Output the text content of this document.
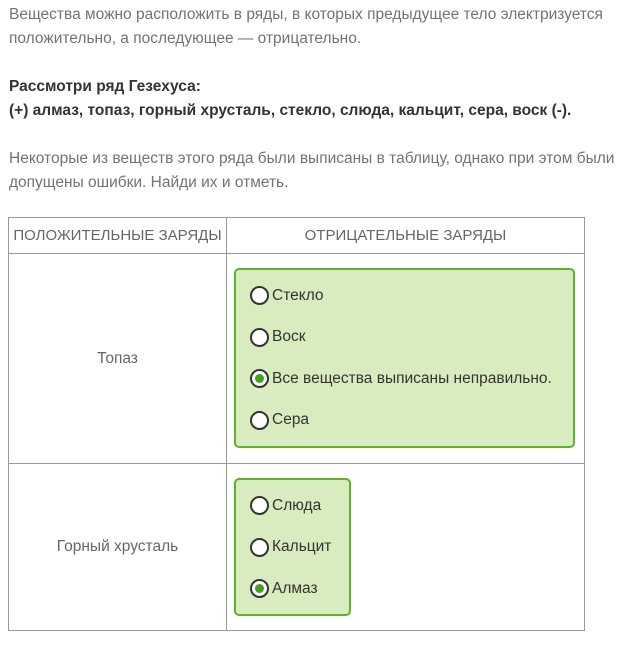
Вещества можно расположить в ряды, в которых предыдущее тело электризуется

положительно, а последующее — отрицательно.

Рассмотри ряд Гезехуса:

(+) алмаз, топаз, горный хрусталь, стекло, слюда, кальцит, сера, воск (-).

Некоторые из веществ этого ряда были выписаны в таблицу, однако при этом были

допущены ошибки. Найди их и отметь.

ПОЛОЖИТЕЛЬНЫЕ ЗАРЯДЫ	ОТРИЦАТЕЛЬНЫЕ ЗАРЯДЫ
Топаз	Стекло
Воск
Все вещества выписаны неправильно.
Сера

Горный хрусталь	Слюда
Кальцит
Алмаз
